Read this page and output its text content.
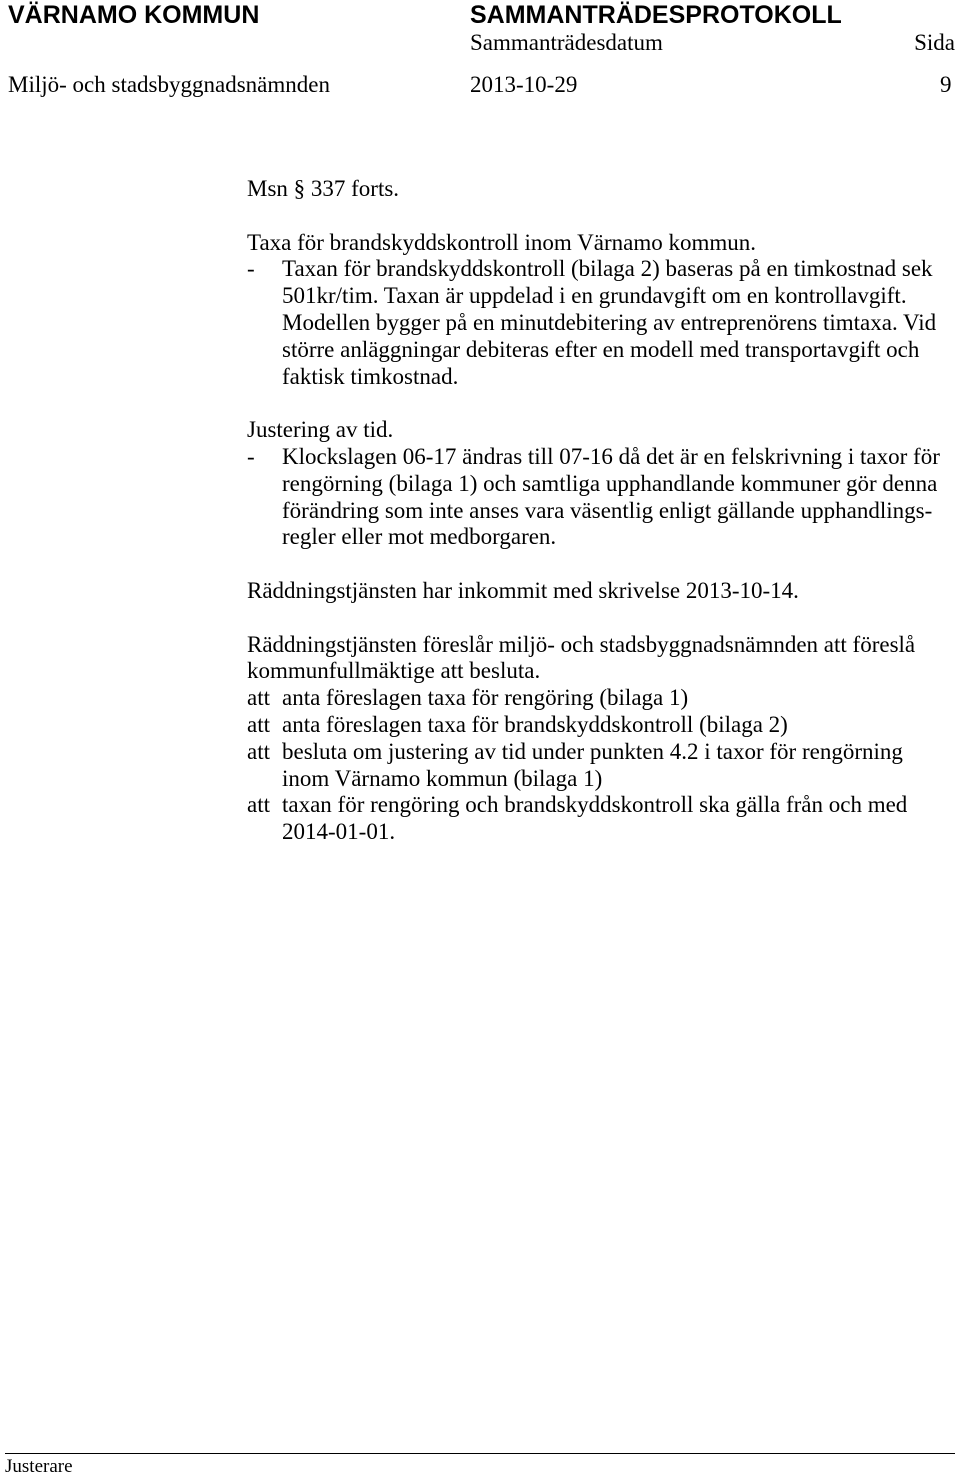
VÄRNAMO KOMMUN	SAMMANTRÄDESPROTOKOLL
Sammanträdesdatum	Sida
Miljö- och stadsbyggnadsnämnden	2013-10-29	9
Msn § 337 forts.
Taxa för brandskyddskontroll inom Värnamo kommun.
-	Taxan för brandskyddskontroll (bilaga 2) baseras på en timkostnad sek
501kr/tim. Taxan är uppdelad i en grundavgift om en kontrollavgift.
Modellen bygger på en minutdebitering av entreprenörens timtaxa. Vid
större anläggningar debiteras efter en modell med transportavgift och
faktisk timkostnad.
Justering av tid.
-	Klockslagen 06-17 ändras till 07-16 då det är en felskrivning i taxor för
rengörning (bilaga 1) och samtliga upphandlande kommuner gör denna
förändring som inte anses vara väsentlig enligt gällande upphandlings-
regler eller mot medborgaren.
Räddningstjänsten har inkommit med skrivelse 2013-10-14.
Räddningstjänsten föreslår miljö- och stadsbyggnadsnämnden att föreslå
kommunfullmäktige att besluta.
att anta föreslagen taxa för rengöring (bilaga 1)
att anta föreslagen taxa för brandskyddskontroll (bilaga 2)
att besluta om justering av tid under punkten 4.2 i taxor för rengörning
inom Värnamo kommun (bilaga 1)
att taxan för rengöring och brandskyddskontroll ska gälla från och med
2014-01-01.
Justerare
